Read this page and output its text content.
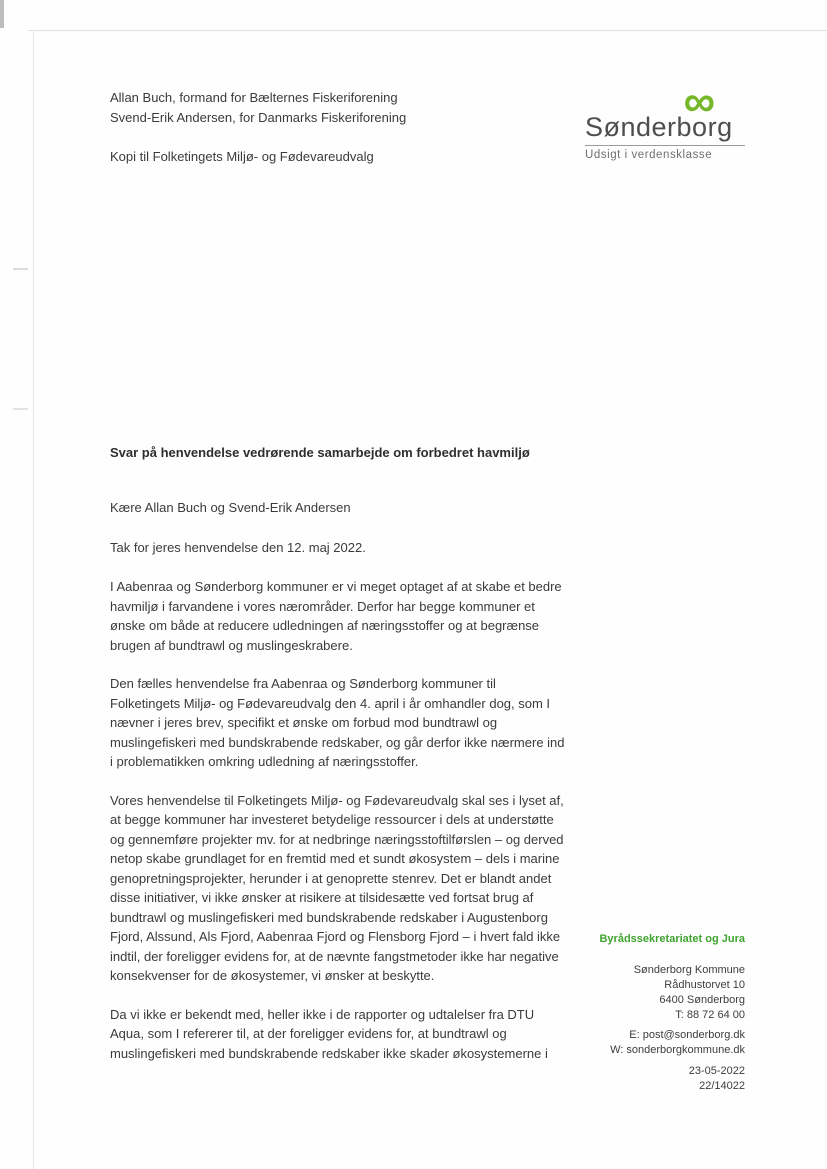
∞
Sønderborg
Udsigt i verdensklasse
Allan Buch, formand for Bælternes Fiskeriforening
Svend-Erik Andersen, for Danmarks Fiskeriforening
Kopi til Folketingets Miljø- og Fødevareudvalg
Svar på henvendelse vedrørende samarbejde om forbedret havmiljø
Kære Allan Buch og Svend-Erik Andersen
Tak for jeres henvendelse den 12. maj 2022.

I Aabenraa og Sønderborg kommuner er vi meget optaget af at skabe et bedre havmiljø i farvandene i vores nærområder. Derfor har begge kommuner et ønske om både at reducere udledningen af næringsstoffer og at begrænse brugen af bundtrawl og muslingeskrabere.

Den fælles henvendelse fra Aabenraa og Sønderborg kommuner til Folketingets Miljø- og Fødevareudvalg den 4. april i år omhandler dog, som I nævner i jeres brev, specifikt et ønske om forbud mod bundtrawl og muslingefiskeri med bundskrabende redskaber, og går derfor ikke nærmere ind i problematikken omkring udledning af næringsstoffer.

Vores henvendelse til Folketingets Miljø- og Fødevareudvalg skal ses i lyset af, at begge kommuner har investeret betydelige ressourcer i dels at understøtte og gennemføre projekter mv. for at nedbringe næringsstoftilførslen – og derved netop skabe grundlaget for en fremtid med et sundt økosystem – dels i marine genopretningsprojekter, herunder i at genoprette stenrev. Det er blandt andet disse initiativer, vi ikke ønsker at risikere at tilsidesætte ved fortsat brug af bundtrawl og muslingefiskeri med bundskrabende redskaber i Augustenborg Fjord, Alssund, Als Fjord, Aabenraa Fjord og Flensborg Fjord – i hvert fald ikke indtil, der foreligger evidens for, at de nævnte fangstmetoder ikke har negative konsekvenser for de økosystemer, vi ønsker at beskytte.

Da vi ikke er bekendt med, heller ikke i de rapporter og udtalelser fra DTU Aqua, som I refererer til, at der foreligger evidens for, at bundtrawl og muslingefiskeri med bundskrabende redskaber ikke skader økosystemerne i

Byrådssekretariatet og Jura
Sønderborg Kommune
Rådhustorvet 10
6400 Sønderborg
T: 88 72 64 00
E: post@sonderborg.dk
W: sonderborgkommune.dk
23-05-2022
22/14022
